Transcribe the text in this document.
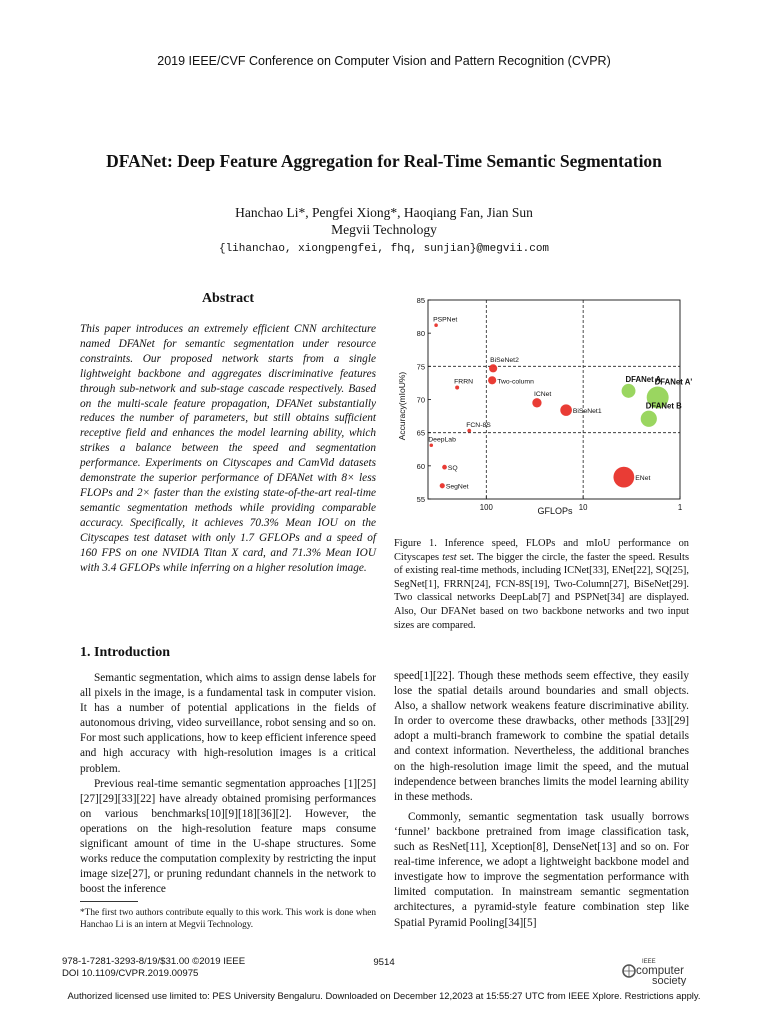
2019 IEEE/CVF Conference on Computer Vision and Pattern Recognition (CVPR)
DFANet: Deep Feature Aggregation for Real-Time Semantic Segmentation
Hanchao Li*, Pengfei Xiong*, Haoqiang Fan, Jian Sun
Megvii Technology
{lihanchao, xiongpengfei, fhq, sunjian}@megvii.com
Abstract
This paper introduces an extremely efficient CNN architecture named DFANet for semantic segmentation under resource constraints. Our proposed network starts from a single lightweight backbone and aggregates discriminative features through sub-network and sub-stage cascade respectively. Based on the multi-scale feature propagation, DFANet substantially reduces the number of parameters, but still obtains sufficient receptive field and enhances the model learning ability, which strikes a balance between the speed and segmentation performance. Experiments on Cityscapes and CamVid datasets demonstrate the superior performance of DFANet with 8× less FLOPs and 2× faster than the existing state-of-the-art real-time semantic segmentation methods while providing comparable accuracy. Specifically, it achieves 70.3% Mean IOU on the Cityscapes test dataset with only 1.7 GFLOPs and a speed of 160 FPS on one NVIDIA Titan X card, and 71.3% Mean IOU with 3.4 GFLOPs while inferring on a higher resolution image.
55
60
65
70
75
80
85
100	10	1
PSPNet
DeepLab
FRRN
FCN-8S
SQ
SegNet
BiSeNet2
Two-column
ICNet
BiSeNet1
ENet
DFANet A
DFANet A'
DFANet B
Accuracy(mIoU%)
GFLOPs
Figure 1. Inference speed, FLOPs and mIoU performance on Cityscapes test set. The bigger the circle, the faster the speed. Results of existing real-time methods, including ICNet[33], ENet[22], SQ[25], SegNet[1], FRRN[24], FCN-8S[19], Two-Column[27], BiSeNet[29]. Two classical networks DeepLab[7] and PSPNet[34] are displayed. Also, Our DFANet based on two backbone networks and two input sizes are compared.
1. Introduction

Semantic segmentation, which aims to assign dense labels for all pixels in the image, is a fundamental task in computer vision. It has a number of potential applications in the fields of autonomous driving, video surveillance, robot sensing and so on. For most such applications, how to keep efficient inference speed and high accuracy with high-resolution images is a critical problem.

Previous real-time semantic segmentation approaches [1][25][27][29][33][22] have already obtained promising performances on various benchmarks[10][9][18][36][2]. However, the operations on the high-resolution feature maps consume significant amount of time in the U-shape structures. Some works reduce the computation complexity by restricting the input image size[27], or pruning redundant channels in the network to boost the inference

speed[1][22]. Though these methods seem effective, they easily lose the spatial details around boundaries and small objects. Also, a shallow network weakens feature discriminative ability. In order to overcome these drawbacks, other methods [33][29] adopt a multi-branch framework to combine the spatial details and context information. Nevertheless, the additional branches on the high-resolution image limit the speed, and the mutual independence between branches limits the model learning ability in these methods.

Commonly, semantic segmentation task usually borrows ‘funnel’ backbone pretrained from image classification task, such as ResNet[11], Xception[8], DenseNet[13] and so on. For real-time inference, we adopt a lightweight backbone model and investigate how to improve the segmentation performance with limited computation. In mainstream semantic segmentation architectures, a pyramid-style feature combination step like Spatial Pyramid Pooling[34][5]

*The first two authors contribute equally to this work. This work is done when Hanchao Li is an intern at Megvii Technology.
978-1-7281-3293-8/19/$31.00 ©2019 IEEE
DOI 10.1109/CVPR.2019.00975
9514	IEEE
computer
society
Authorized licensed use limited to: PES University Bengaluru. Downloaded on December 12,2023 at 15:55:27 UTC from IEEE Xplore. Restrictions apply.
